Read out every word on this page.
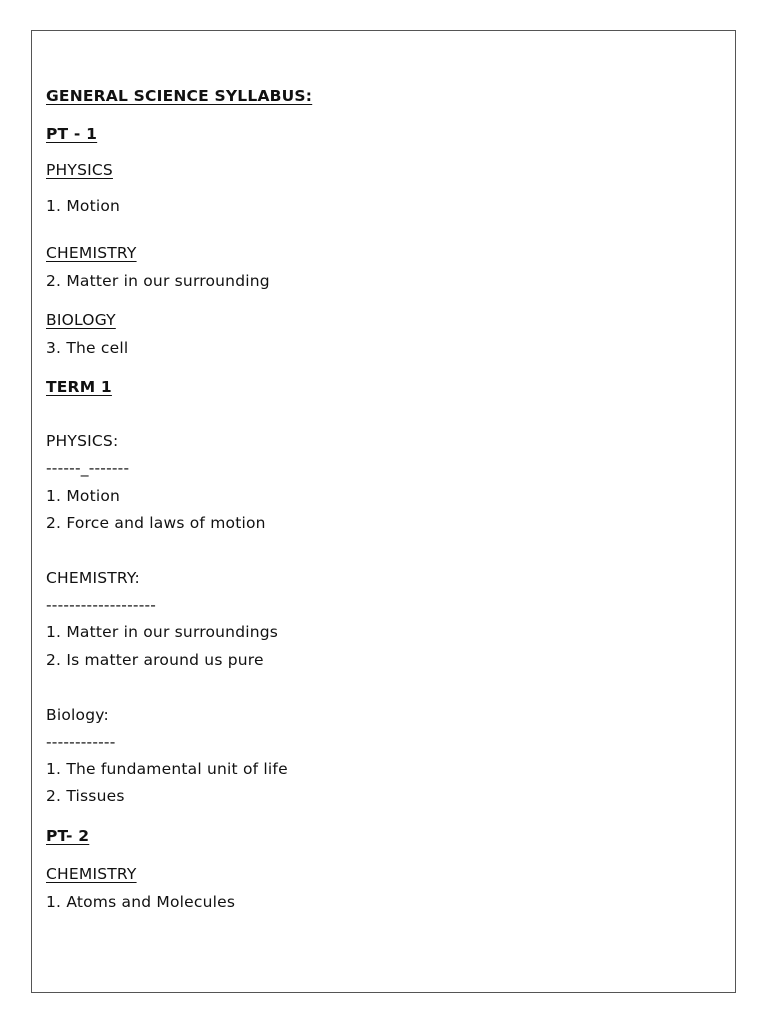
GENERAL SCIENCE SYLLABUS:
PT - 1
PHYSICS
1. Motion
CHEMISTRY
2. Matter in our surrounding
BIOLOGY
3. The cell
TERM 1
PHYSICS:
------_-------
1. Motion
2. Force and laws of motion
CHEMISTRY:
-------------------
1. Matter in our surroundings
2. Is matter around us pure
Biology:
------------
1. The fundamental unit of life
2. Tissues
PT- 2
CHEMISTRY
1. Atoms and Molecules
